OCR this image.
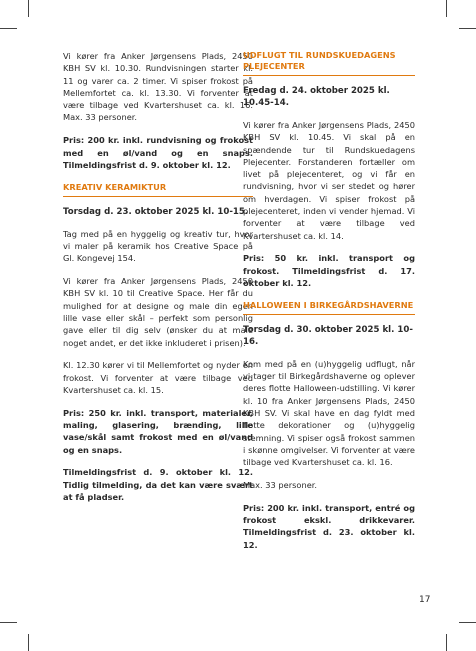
Vi kører fra Anker Jørgensens Plads, 2450 KBH SV kl. 10.30. Rundvisningen starter kl. 11 og varer ca. 2 timer. Vi spiser frokost på Mellemfortet ca. kl. 13.30. Vi forventer at være tilbage ved Kvartershuset ca. kl. 16. Max. 33 personer.

Pris: 200 kr. inkl. rundvisning og frokost med en øl/vand og en snaps. Tilmeldingsfrist d. 9. oktober kl. 12.

KREATIV KERAMIKTUR
Torsdag d. 23. oktober 2025 kl. 10-15.

Tag med på en hyggelig og kreativ tur, hvor vi maler på keramik hos Creative Space på Gl. Kongevej 154.

Vi kører fra Anker Jørgensens Plads, 2450 KBH SV kl. 10 til Creative Space. Her får du mulighed for at designe og male din egen lille vase eller skål – perfekt som personlig gave eller til dig selv (ønsker du at male noget andet, er det ikke inkluderet i prisen).

Kl. 12.30 kører vi til Mellemfortet og nyder en frokost. Vi forventer at være tilbage ved Kvartershuset ca. kl. 15.

Pris: 250 kr. inkl. transport, materialer, maling, glasering, brænding, lille vase/skål samt frokost med en øl/vand og en snaps.

Tilmeldingsfrist d. 9. oktober kl. 12. Tidlig tilmelding, da det kan være svært at få pladser.

UDFLUGT TIL RUNDSKUEDAGENS PLEJECENTER
Fredag d. 24. oktober 2025 kl. 10.45-14.

Vi kører fra Anker Jørgensens Plads, 2450 KBH SV kl. 10.45. Vi skal på en spændende tur til Rundskuedagens Plejecenter. Forstanderen fortæller om livet på plejecenteret, og vi får en rundvisning, hvor vi ser stedet og hører om hverdagen. Vi spiser frokost på plejecenteret, inden vi vender hjemad. Vi forventer at være tilbage ved Kvartershuset ca. kl. 14.

Pris: 50 kr. inkl. transport og frokost. Tilmeldingsfrist d. 17. oktober kl. 12.

HALLOWEEN I BIRKEGÅRDSHAVERNE
Torsdag d. 30. oktober 2025 kl. 10-16.

Kom med på en (u)hyggelig udflugt, når vi tager til Birkegårdshaverne og oplever deres flotte Halloween-udstilling. Vi kører kl. 10 fra Anker Jørgensens Plads, 2450 KBH SV. Vi skal have en dag fyldt med flotte dekorationer og (u)hyggelig stemning. Vi spiser også frokost sammen i skønne omgivelser. Vi forventer at være tilbage ved Kvartershuset ca. kl. 16.

Max. 33 personer.

Pris: 200 kr. inkl. transport, entré og frokost ekskl. drikkevarer. Tilmeldingsfrist d. 23. oktober kl. 12.

17
